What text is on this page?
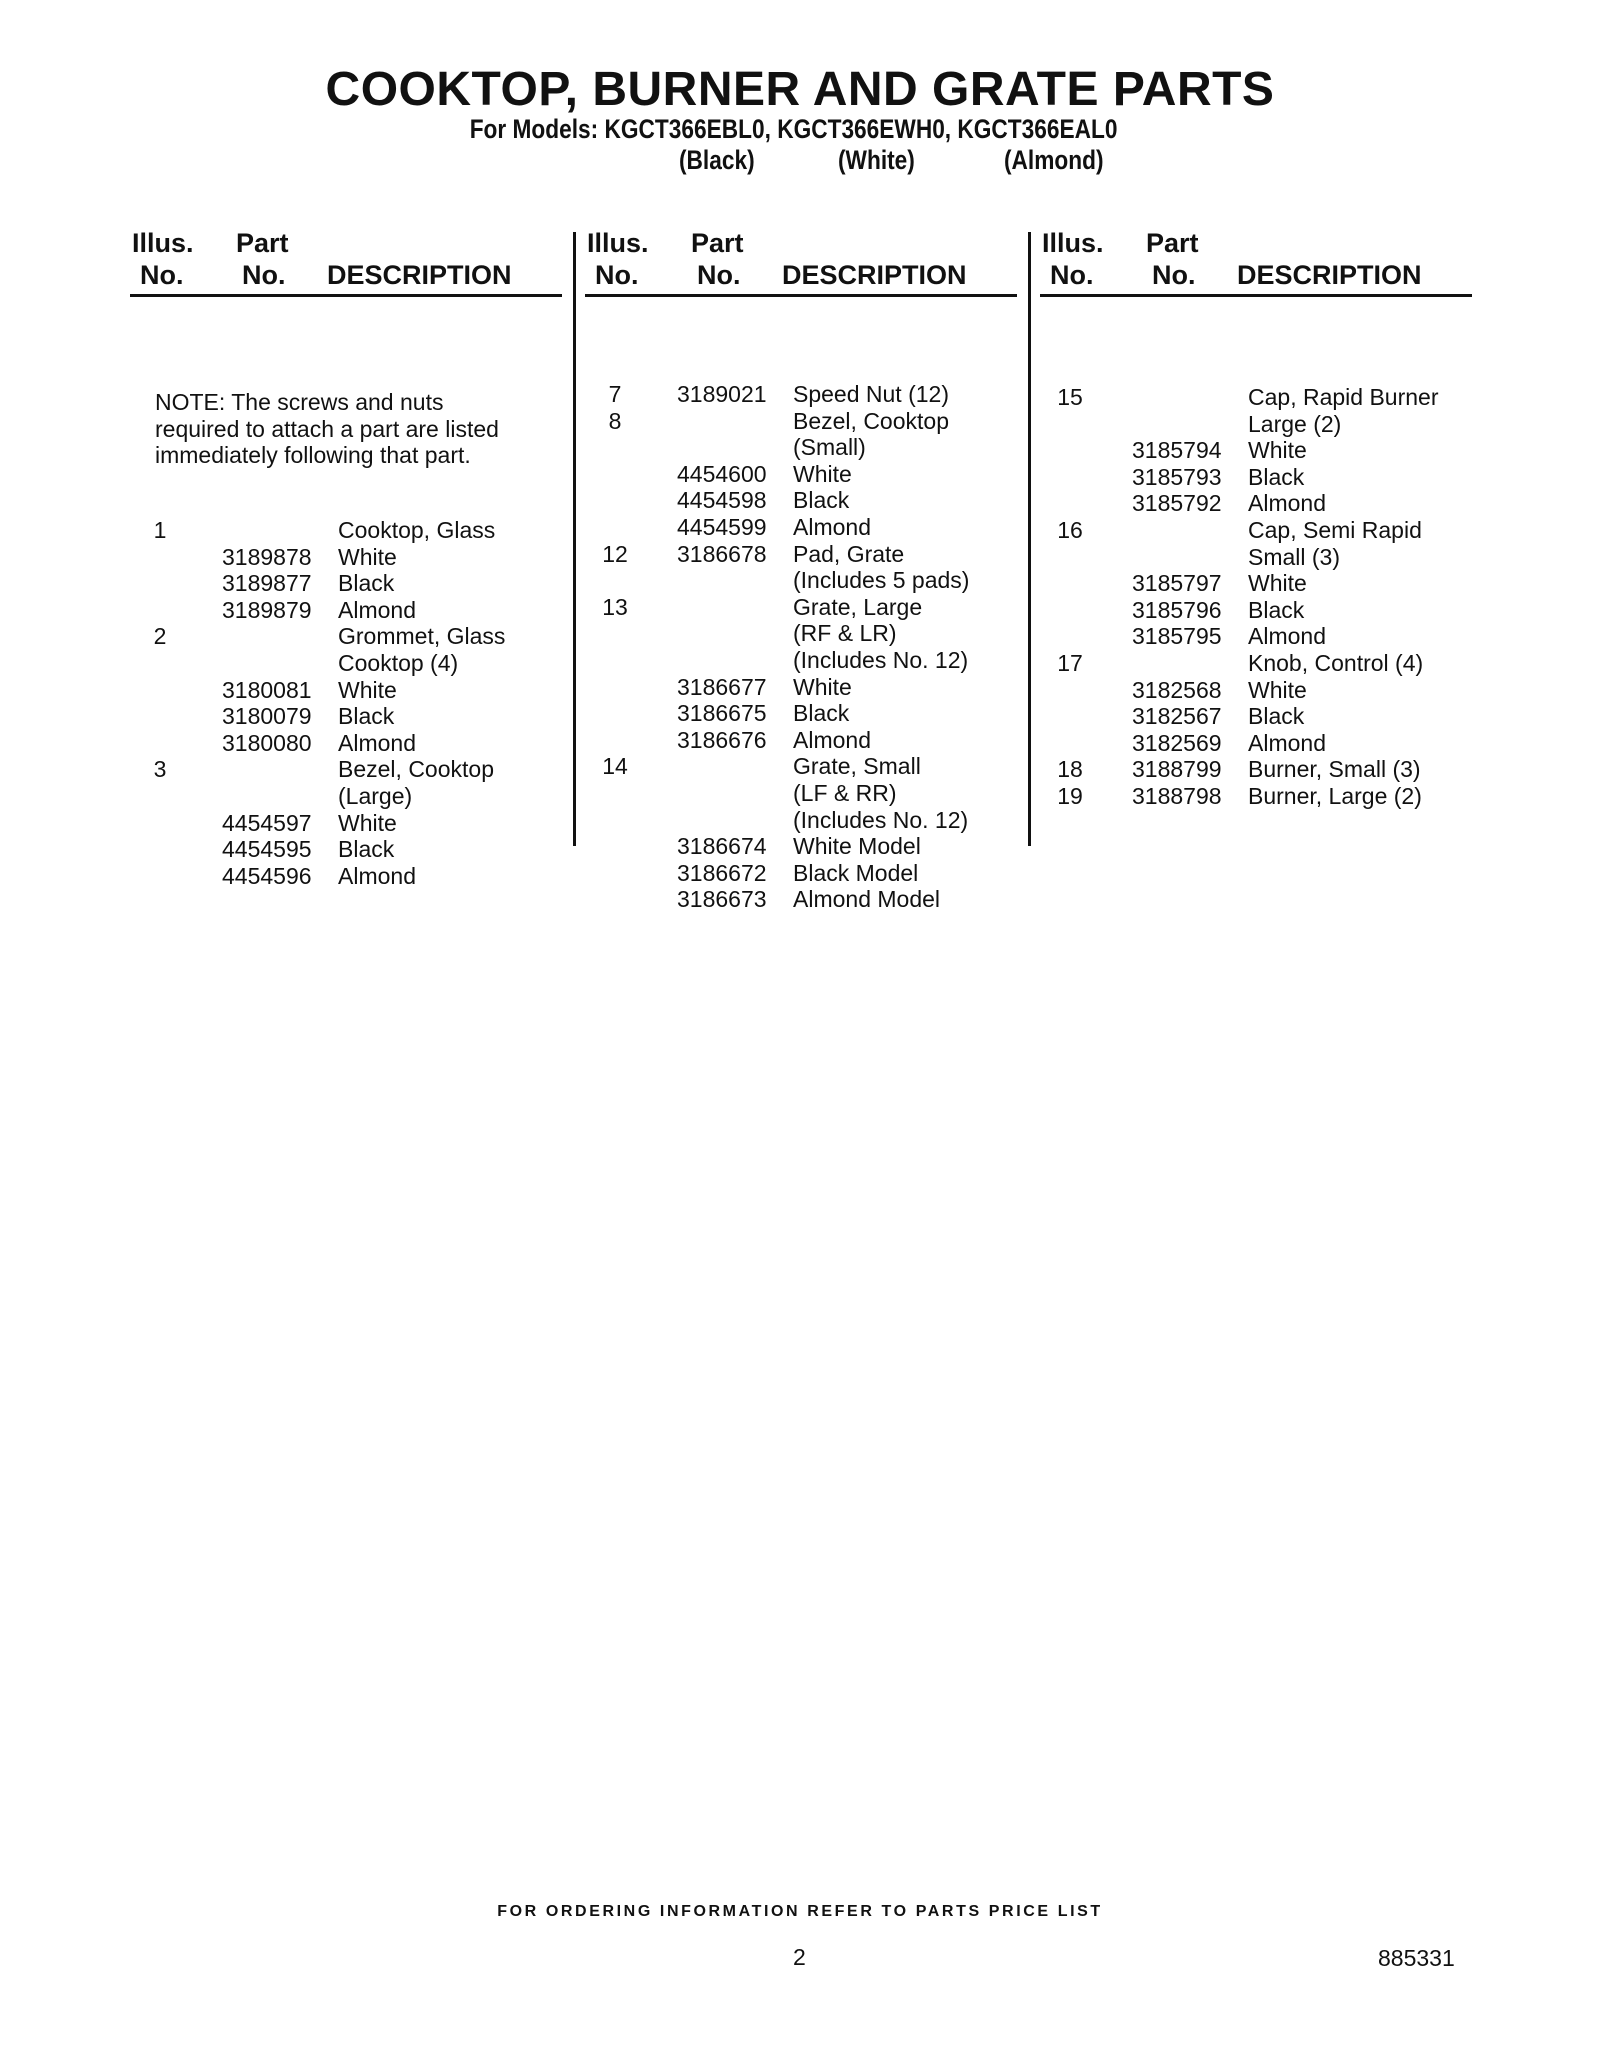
COOKTOP, BURNER AND GRATE PARTS
For Models: KGCT366EBL0, KGCT366EWH0, KGCT366EAL0
(Black)	(White)	(Almond)
Illus.
No.
Part
No. DESCRIPTION
NOTE: The screws and nuts required to attach a part are listed immediately following that part.
1	Cooktop, Glass
3189878 White
3189877 Black
3189879 Almond
2	Grommet, Glass
Cooktop (4)
3180081 White
3180079 Black
3180080 Almond
3	Bezel, Cooktop
(Large)
4454597 White
4454595 Black
4454596 Almond
Illus.
No.
Part
No. DESCRIPTION
7	3189021 Speed Nut (12)
8	Bezel, Cooktop
(Small)
4454600 White
4454598 Black
4454599 Almond
12	3186678 Pad, Grate
(Includes 5 pads)
13	Grate, Large
(RF & LR)
(Includes No. 12)
3186677 White
3186675 Black
3186676 Almond
14	Grate, Small
(LF & RR)
(Includes No. 12)
3186674 White Model
3186672 Black Model
3186673 Almond Model
Illus.
No.
Part
No. DESCRIPTION
15	Cap, Rapid Burner
Large (2)
3185794 White
3185793 Black
3185792 Almond
16	Cap, Semi Rapid
Small (3)
3185797 White
3185796 Black
3185795 Almond
17	Knob, Control (4)
3182568 White
3182567 Black
3182569 Almond
18	3188799 Burner, Small (3)
19	3188798 Burner, Large (2)
FOR ORDERING INFORMATION REFER TO PARTS PRICE LIST
2	885331
